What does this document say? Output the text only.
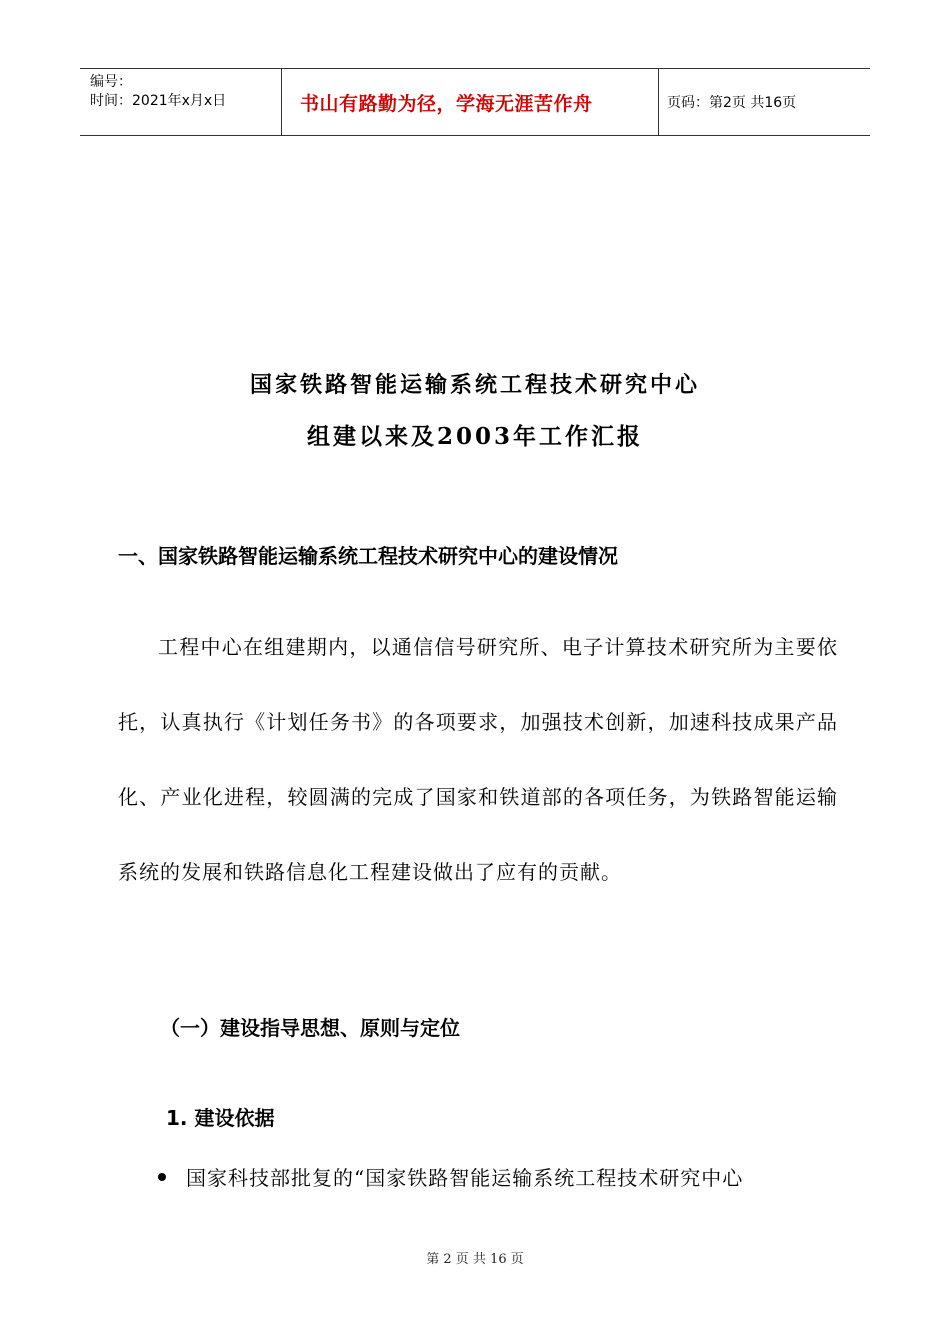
编号：
时间：2021年x月x日	书山有路勤为径，学海无涯苦作舟	页码：第2页 共16页
国家铁路智能运输系统工程技术研究中心
组建以来及2003年工作汇报
一、国家铁路智能运输系统工程技术研究中心的建设情况
工程中心在组建期内，以通信信号研究所、电子计算技术研究所为主要依托，认真执行《计划任务书》的各项要求，加强技术创新，加速科技成果产品化、产业化进程，较圆满的完成了国家和铁道部的各项任务，为铁路智能运输系统的发展和铁路信息化工程建设做出了应有的贡献。
（一）建设指导思想、原则与定位
1. 建设依据
国家科技部批复的“国家铁路智能运输系统工程技术研究中心
第 2 页 共 16 页
